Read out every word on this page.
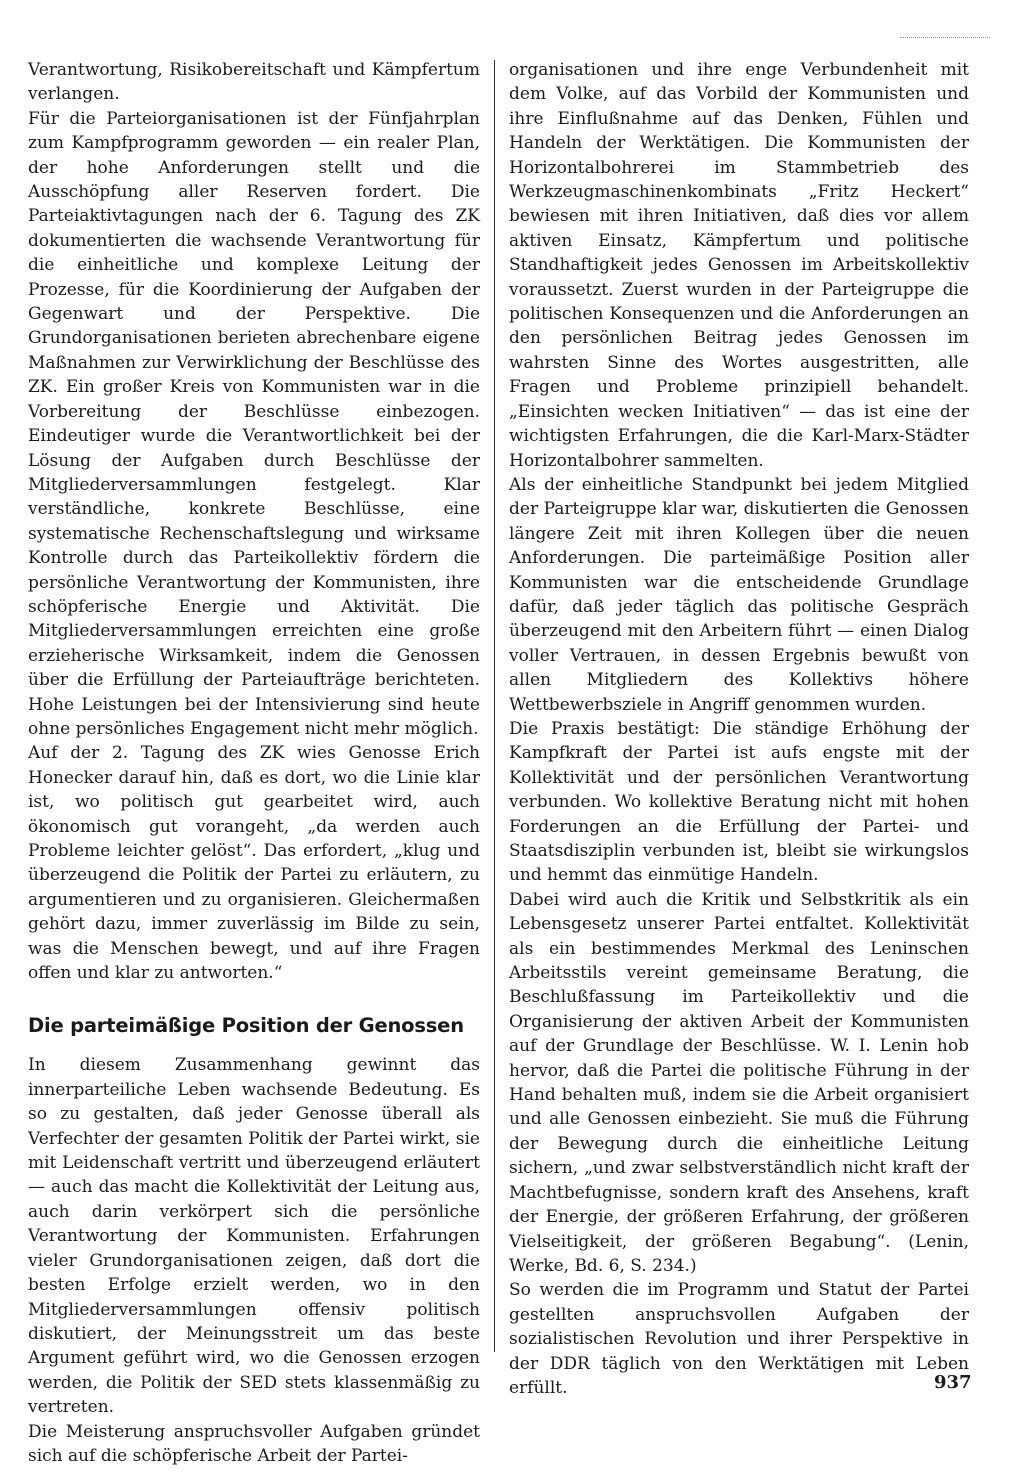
Verantwortung, Risikobereitschaft und Kämpfertum verlangen.

Für die Parteiorganisationen ist der Fünfjahrplan zum Kampfprogramm geworden — ein realer Plan, der hohe Anforderungen stellt und die Ausschöpfung aller Reserven fordert. Die Parteiaktivtagungen nach der 6. Tagung des ZK dokumentierten die wachsende Verantwortung für die einheitliche und komplexe Leitung der Prozesse, für die Koordinierung der Aufgaben der Gegenwart und der Perspektive. Die Grundorganisationen berieten abrechenbare eigene Maßnahmen zur Verwirklichung der Beschlüsse des ZK. Ein großer Kreis von Kommunisten war in die Vorbereitung der Beschlüsse einbezogen. Eindeutiger wurde die Verantwortlichkeit bei der Lösung der Aufgaben durch Beschlüsse der Mitgliederversammlungen festgelegt. Klar verständliche, konkrete Beschlüsse, eine systematische Rechenschaftslegung und wirksame Kontrolle durch das Parteikollektiv fördern die persönliche Verantwortung der Kommunisten, ihre schöpferische Energie und Aktivität. Die Mitgliederversammlungen erreichten eine große erzieherische Wirksamkeit, indem die Genossen über die Erfüllung der Parteiaufträge berichteten. Hohe Leistungen bei der Intensivierung sind heute ohne persönliches Engagement nicht mehr möglich.

Auf der 2. Tagung des ZK wies Genosse Erich Honecker darauf hin, daß es dort, wo die Linie klar ist, wo politisch gut gearbeitet wird, auch ökonomisch gut vorangeht, „da werden auch Probleme leichter gelöst“. Das erfordert, „klug und überzeugend die Politik der Partei zu erläutern, zu argumentieren und zu organisieren. Gleichermaßen gehört dazu, immer zuverlässig im Bilde zu sein, was die Menschen bewegt, und auf ihre Fragen offen und klar zu antworten.“

Die parteimäßige Position der Genossen

In diesem Zusammenhang gewinnt das innerparteiliche Leben wachsende Bedeutung. Es so zu gestalten, daß jeder Genosse überall als Verfechter der gesamten Politik der Partei wirkt, sie mit Leidenschaft vertritt und überzeugend erläutert — auch das macht die Kollektivität der Leitung aus, auch darin verkörpert sich die persönliche Verantwortung der Kommunisten. Erfahrungen vieler Grundorganisationen zeigen, daß dort die besten Erfolge erzielt werden, wo in den Mitgliederversammlungen offensiv politisch diskutiert, der Meinungsstreit um das beste Argument geführt wird, wo die Genossen erzogen werden, die Politik der SED stets klassenmäßig zu vertreten.

Die Meisterung anspruchsvoller Aufgaben gründet sich auf die schöpferische Arbeit der Partei-

organisationen und ihre enge Verbundenheit mit dem Volke, auf das Vorbild der Kommunisten und ihre Einflußnahme auf das Denken, Fühlen und Handeln der Werktätigen. Die Kommunisten der Horizontalbohrerei im Stammbetrieb des Werkzeugmaschinenkombinats „Fritz Heckert“ bewiesen mit ihren Initiativen, daß dies vor allem aktiven Einsatz, Kämpfertum und politische Standhaftigkeit jedes Genossen im Arbeitskollektiv voraussetzt. Zuerst wurden in der Parteigruppe die politischen Konsequenzen und die Anforderungen an den persönlichen Beitrag jedes Genossen im wahrsten Sinne des Wortes ausgestritten, alle Fragen und Probleme prinzipiell behandelt. „Einsichten wecken Initiativen“ — das ist eine der wichtigsten Erfahrungen, die die Karl-Marx-Städter Horizontalbohrer sammelten.

Als der einheitliche Standpunkt bei jedem Mitglied der Parteigruppe klar war, diskutierten die Genossen längere Zeit mit ihren Kollegen über die neuen Anforderungen. Die parteimäßige Position aller Kommunisten war die entscheidende Grundlage dafür, daß jeder täglich das politische Gespräch überzeugend mit den Arbeitern führt — einen Dialog voller Vertrauen, in dessen Ergebnis bewußt von allen Mitgliedern des Kollektivs höhere Wettbewerbsziele in Angriff genommen wurden.

Die Praxis bestätigt: Die ständige Erhöhung der Kampfkraft der Partei ist aufs engste mit der Kollektivität und der persönlichen Verantwortung verbunden. Wo kollektive Beratung nicht mit hohen Forderungen an die Erfüllung der Partei- und Staatsdisziplin verbunden ist, bleibt sie wirkungslos und hemmt das einmütige Handeln.

Dabei wird auch die Kritik und Selbstkritik als ein Lebensgesetz unserer Partei entfaltet. Kollektivität als ein bestimmendes Merkmal des Leninschen Arbeitsstils vereint gemeinsame Beratung, die Beschlußfassung im Parteikollektiv und die Organisierung der aktiven Arbeit der Kommunisten auf der Grundlage der Beschlüsse. W. I. Lenin hob hervor, daß die Partei die politische Führung in der Hand behalten muß, indem sie die Arbeit organisiert und alle Genossen einbezieht. Sie muß die Führung der Bewegung durch die einheitliche Leitung sichern, „und zwar selbstverständlich nicht kraft der Machtbefugnisse, sondern kraft des Ansehens, kraft der Energie, der größeren Erfahrung, der größeren Vielseitigkeit, der größeren Begabung“. (Lenin, Werke, Bd. 6, S. 234.)

So werden die im Programm und Statut der Partei gestellten anspruchsvollen Aufgaben der sozialistischen Revolution und ihrer Perspektive in der DDR täglich von den Werktätigen mit Leben erfüllt.	937
